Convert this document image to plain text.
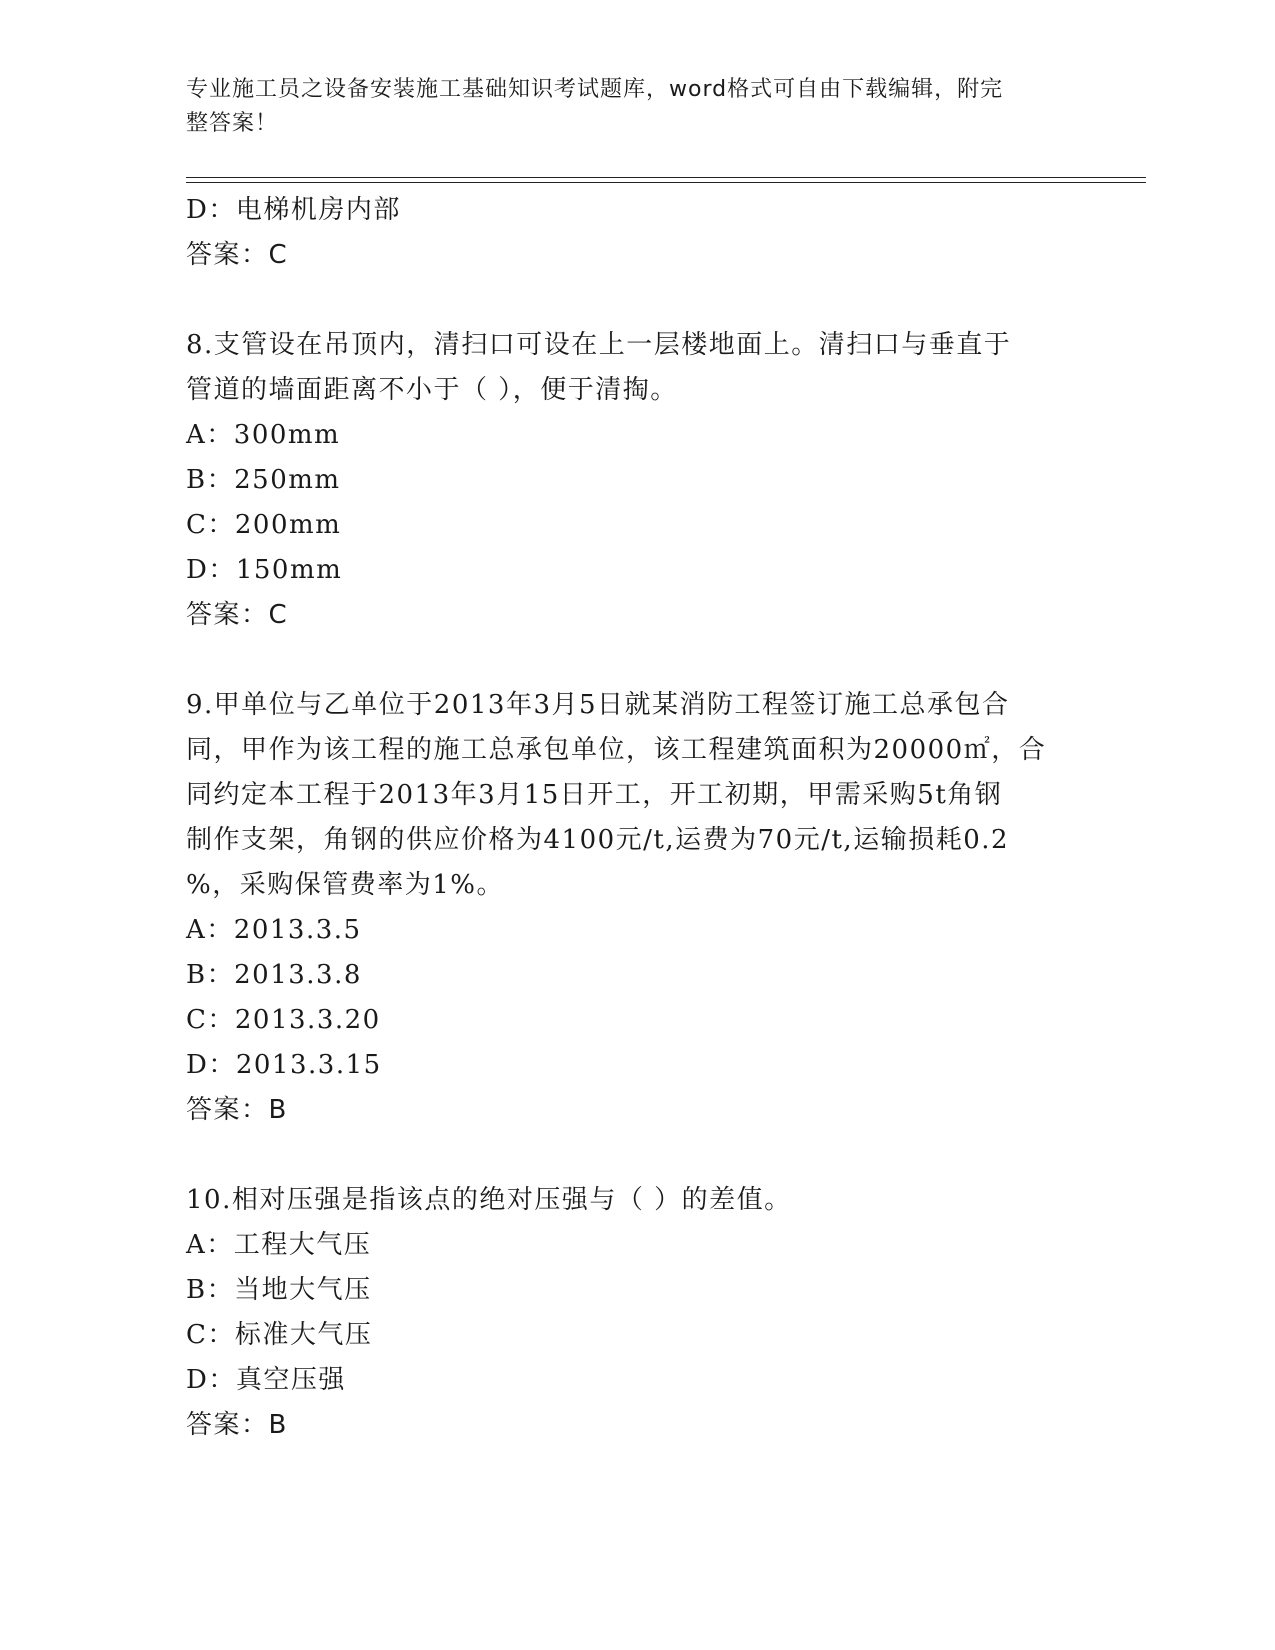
专业施工员之设备安装施工基础知识考试题库，word格式可自由下载编辑，附完
整答案！
D：电梯机房内部
答案：C
8.支管设在吊顶内，清扫口可设在上一层楼地面上。清扫口与垂直于
管道的墙面距离不小于（ ），便于清掏。
A：300mm
B：250mm
C：200mm
D：150mm
答案：C
9.甲单位与乙单位于2013年3月5日就某消防工程签订施工总承包合
同，甲作为该工程的施工总承包单位，该工程建筑面积为20000㎡，合
同约定本工程于2013年3月15日开工，开工初期，甲需采购5t角钢
制作支架，角钢的供应价格为4100元/t,运费为70元/t,运输损耗0.2
%，采购保管费率为1%。
A：2013.3.5
B：2013.3.8
C：2013.3.20
D：2013.3.15
答案：B
10.相对压强是指该点的绝对压强与（ ）的差值。
A：工程大气压
B：当地大气压
C：标准大气压
D：真空压强
答案：B
